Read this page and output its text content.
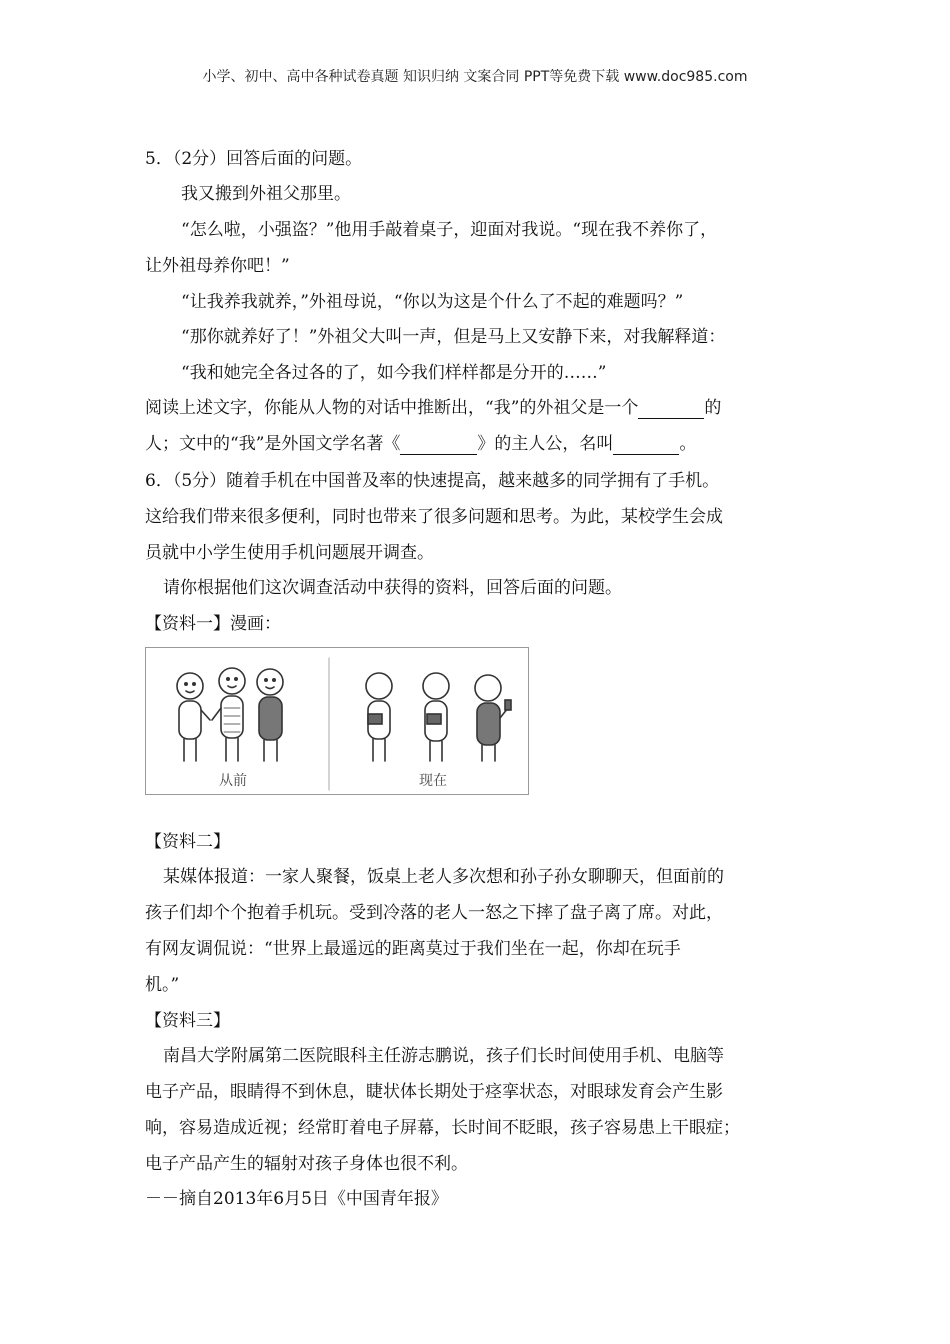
小学、初中、高中各种试卷真题 知识归纳 文案合同 PPT等免费下载 www.doc985.com
5．（2分）回答后面的问题。
我又搬到外祖父那里。
“怎么啦，小强盗？”他用手敲着桌子，迎面对我说。“现在我不养你了，
让外祖母养你吧！”
“让我养我就养，”外祖母说，“你以为这是个什么了不起的难题吗？”
“那你就养好了！”外祖父大叫一声，但是马上又安静下来，对我解释道：
“我和她完全各过各的了，如今我们样样都是分开的……”
阅读上述文字，你能从人物的对话中推断出，“我”的外祖父是一个	的
人；文中的“我”是外国文学名著《	》的主人公，名叫	。
6．（5分）随着手机在中国普及率的快速提高，越来越多的同学拥有了手机。
这给我们带来很多便利，同时也带来了很多问题和思考。为此，某校学生会成
员就中小学生使用手机问题展开调查。
请你根据他们这次调查活动中获得的资料，回答后面的问题。
【资料一】漫画：
从前	现在
【资料二】
某媒体报道：一家人聚餐，饭桌上老人多次想和孙子孙女聊聊天，但面前的
孩子们却个个抱着手机玩。受到冷落的老人一怒之下摔了盘子离了席。对此，
有网友调侃说：“世界上最遥远的距离莫过于我们坐在一起，你却在玩手
机。”
【资料三】
南昌大学附属第二医院眼科主任游志鹏说，孩子们长时间使用手机、电脑等
电子产品，眼睛得不到休息，睫状体长期处于痉挛状态，对眼球发育会产生影
响，容易造成近视；经常盯着电子屏幕，长时间不眨眼，孩子容易患上干眼症；
电子产品产生的辐射对孩子身体也很不利。
－－摘自2013年6月5日《中国青年报》
